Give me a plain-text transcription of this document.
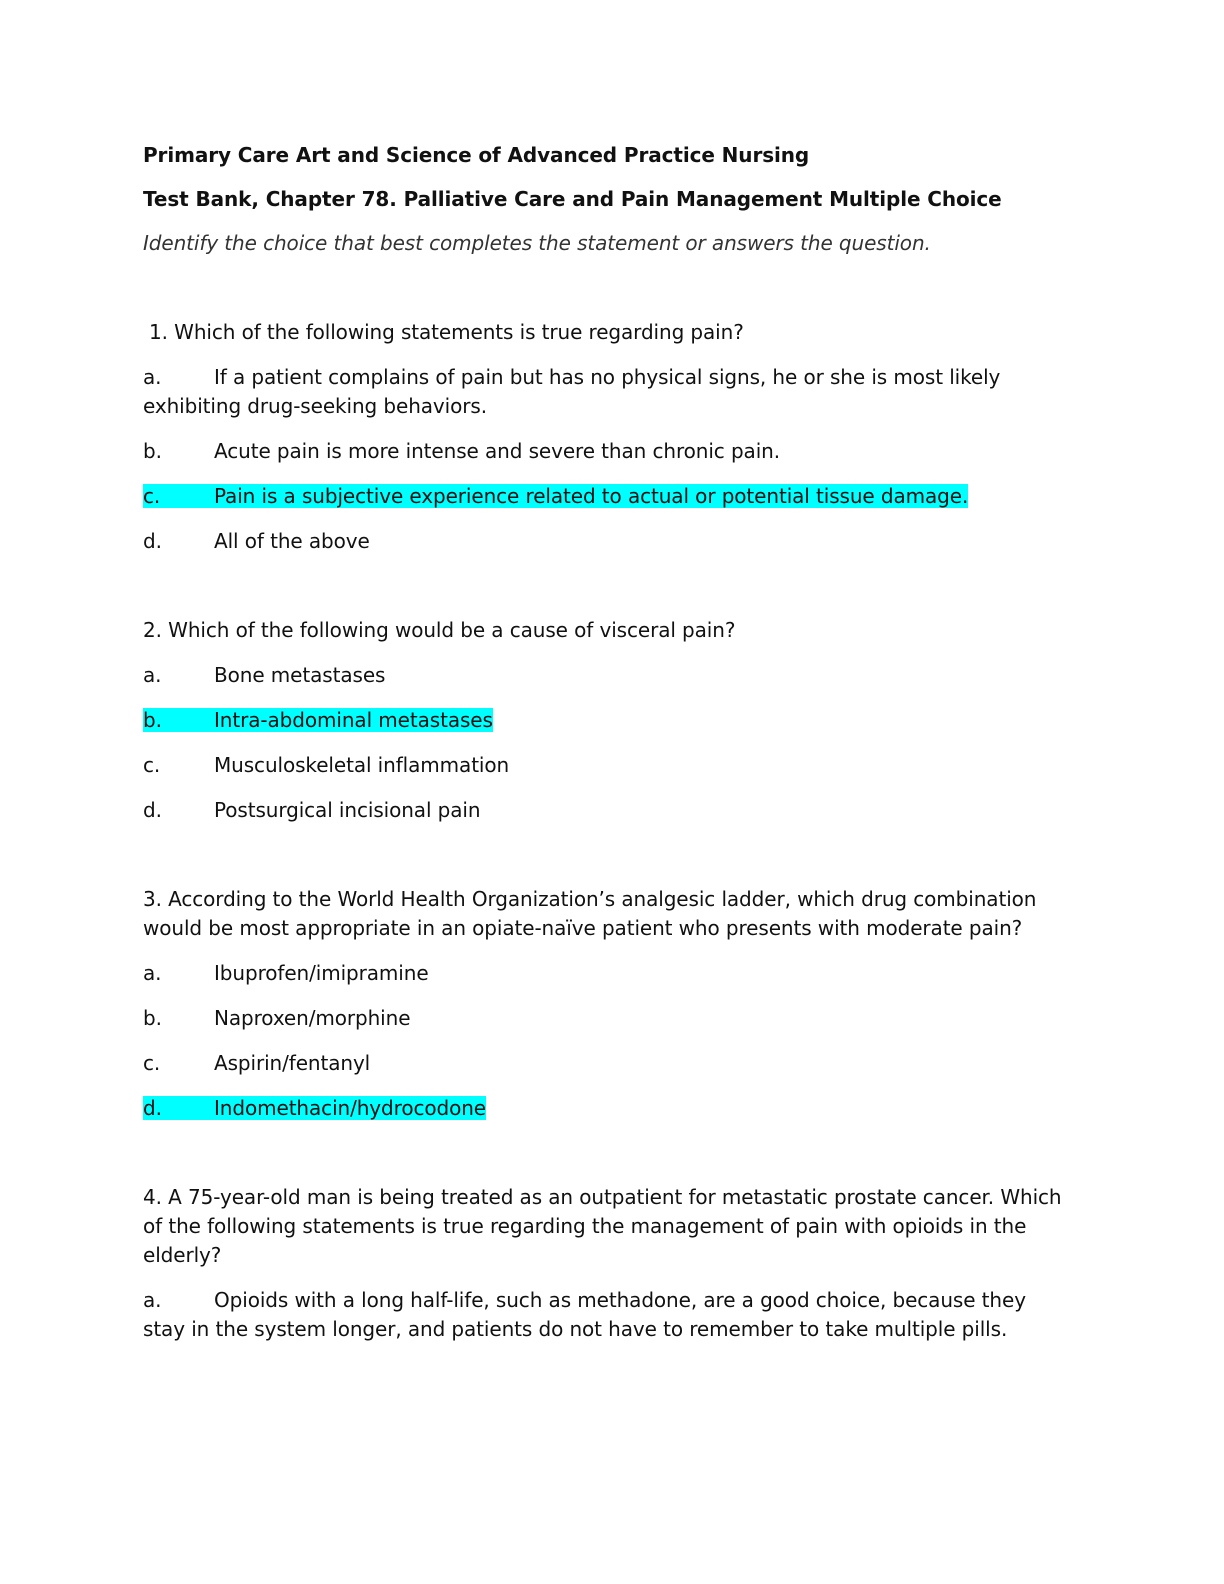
Primary Care Art and Science of Advanced Practice Nursing
Test Bank, Chapter 78. Palliative Care and Pain Management Multiple Choice
Identify the choice that best completes the statement or answers the question.
1. Which of the following statements is true regarding pain?
a.	If a patient complains of pain but has no physical signs, he or she is most likely exhibiting drug-seeking behaviors.
b.	Acute pain is more intense and severe than chronic pain.
c.	Pain is a subjective experience related to actual or potential tissue damage.
d.	All of the above
2. Which of the following would be a cause of visceral pain?
a.	Bone metastases
b.	Intra-abdominal metastases
c.	Musculoskeletal inflammation
d.	Postsurgical incisional pain
3. According to the World Health Organization’s analgesic ladder, which drug combination would be most appropriate in an opiate-naïve patient who presents with moderate pain?
a.	Ibuprofen/imipramine
b.	Naproxen/morphine
c.	Aspirin/fentanyl
d.	Indomethacin/hydrocodone
4. A 75-year-old man is being treated as an outpatient for metastatic prostate cancer. Which of the following statements is true regarding the management of pain with opioids in the elderly?
a.	Opioids with a long half-life, such as methadone, are a good choice, because they stay in the system longer, and patients do not have to remember to take multiple pills.
